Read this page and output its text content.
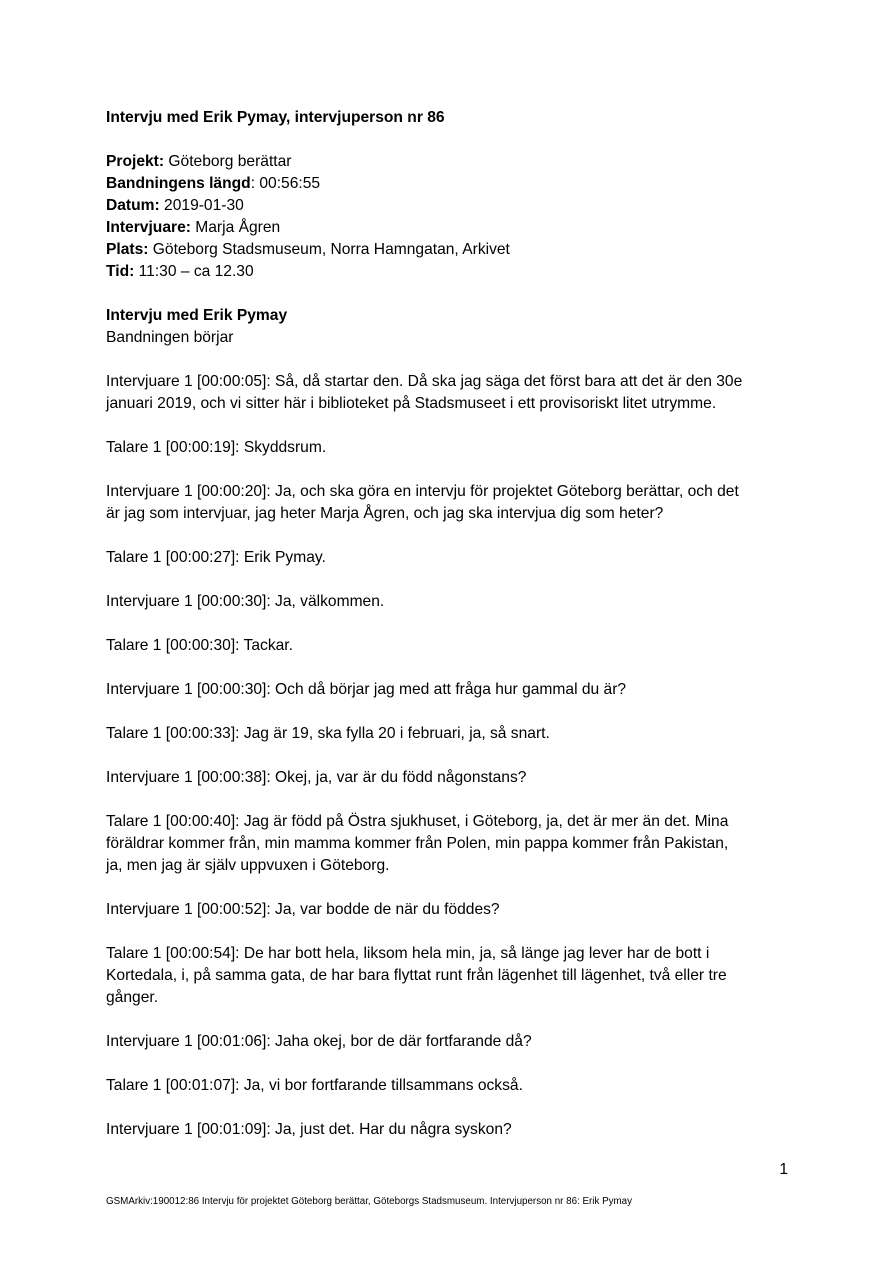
Intervju med Erik Pymay, intervjuperson nr 86

Projekt: Göteborg berättar
Bandningens längd: 00:56:55
Datum: 2019-01-30
Intervjuare: Marja Ågren
Plats: Göteborg Stadsmuseum, Norra Hamngatan, Arkivet
Tid: 11:30 – ca 12.30
Intervju med Erik Pymay
Bandningen börjar

Intervjuare 1 [00:00:05]: Så, då startar den. Då ska jag säga det först bara att det är den 30e
januari 2019, och vi sitter här i biblioteket på Stadsmuseet i ett provisoriskt litet utrymme.

Talare 1 [00:00:19]: Skyddsrum.

Intervjuare 1 [00:00:20]: Ja, och ska göra en intervju för projektet Göteborg berättar, och det
är jag som intervjuar, jag heter Marja Ågren, och jag ska intervjua dig som heter?

Talare 1 [00:00:27]: Erik Pymay.

Intervjuare 1 [00:00:30]: Ja, välkommen.

Talare 1 [00:00:30]: Tackar.

Intervjuare 1 [00:00:30]: Och då börjar jag med att fråga hur gammal du är?

Talare 1 [00:00:33]: Jag är 19, ska fylla 20 i februari, ja, så snart.

Intervjuare 1 [00:00:38]: Okej, ja, var är du född någonstans?

Talare 1 [00:00:40]: Jag är född på Östra sjukhuset, i Göteborg, ja, det är mer än det. Mina
föräldrar kommer från, min mamma kommer från Polen, min pappa kommer från Pakistan,
ja, men jag är själv uppvuxen i Göteborg.

Intervjuare 1 [00:00:52]: Ja, var bodde de när du föddes?

Talare 1 [00:00:54]: De har bott hela, liksom hela min, ja, så länge jag lever har de bott i
Kortedala, i, på samma gata, de har bara flyttat runt från lägenhet till lägenhet, två eller tre
gånger.

Intervjuare 1 [00:01:06]: Jaha okej, bor de där fortfarande då?

Talare 1 [00:01:07]: Ja, vi bor fortfarande tillsammans också.

Intervjuare 1 [00:01:09]: Ja, just det. Har du några syskon?

1
GSMArkiv:190012:86 Intervju för projektet Göteborg berättar, Göteborgs Stadsmuseum. Intervjuperson nr 86: Erik Pymay
